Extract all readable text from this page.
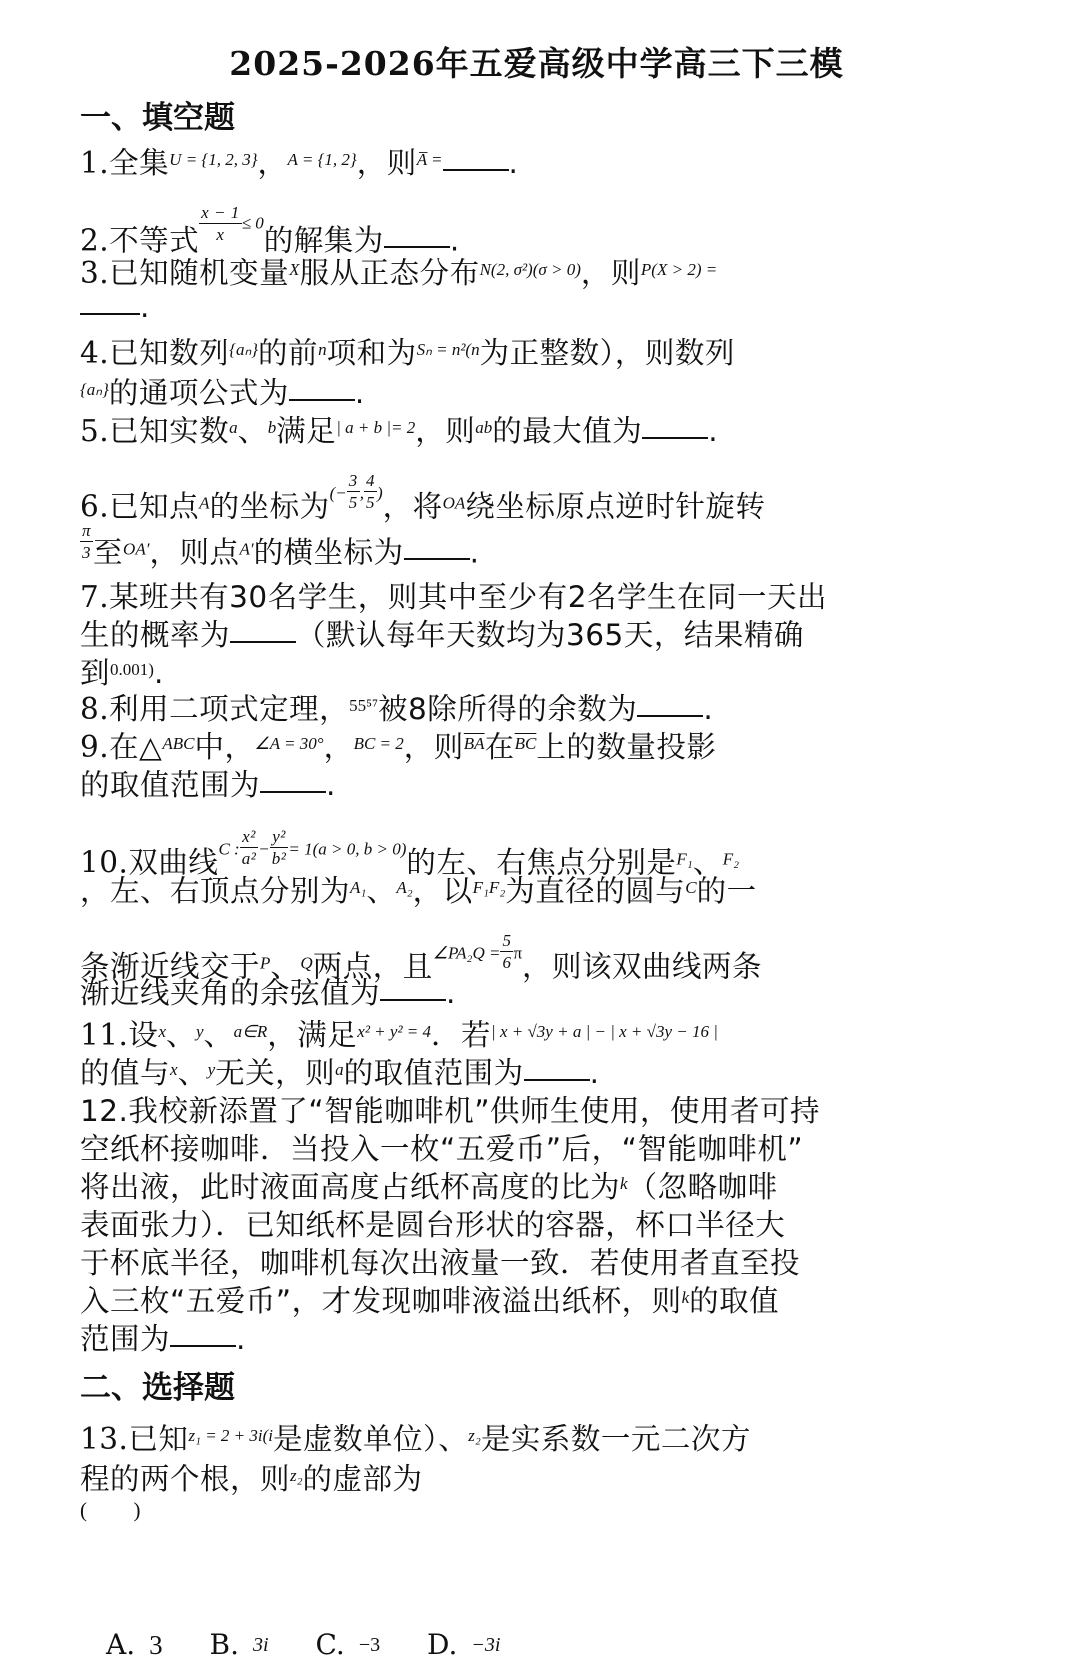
2025-2026年五爱高级中学高三下三模
一、填空题
1.全集$^{U = \{1, 2, 3\}}$，$^{A = \{1, 2\}}$，则$^{A̅ =}$ .
2.不等式 $\frac{x - 1}{x} ^{\le 0}$的解集为 .
3.已知随机变量$^X$服从正态分布$^{N(2, \sigma^2)(\sigma > 0)}$，则$^{P(X > 2) =}$
.
4.已知数列$^{\{a_n\}}$的前$^n$项和为$^{S_n = n^2(n}$为正整数），则数列
$^{\{a_n\}}$的通项公式为 .
5.已知实数$^a$、$^b$满足$^{| a + b |= 2}$，则$^{ab}$的最大值为 .
6.已知点$^A$的坐标为$^{(-} \frac{3}{5} ^, \frac{4}{5} ^)$，将$^{OA}$绕坐标原点逆时针旋转
$\frac{\pi}{3}$ 至$^{OA'}$，则点$^{A'}$的横坐标为 .
7.某班共有30名学生，则其中至少有2名学生在同一天出
生的概率为 （默认每年天数均为365天，结果精确
到$^{0.001)}$.
8.利用二项式定理，$^{55^{57}}$被8除所得的余数为 .
9.在△$^{ABC}$中，$^{\angle A = 30^\circ}$，$^{BC = 2}$，则$^{\overline{BA}}$在$^{\overline{BC}}$上的数量投影
的取值范围为 .
10.双曲线$^{C :} \frac{\text{x²}}{\text{a²}} ^- \frac{\text{y²}}{\text{b²}} ^{= 1(a > 0, b > 0)}$的左、右焦点分别是$^{F_1}$、$^{F_2}$
，左、右顶点分别为$^{A_1}$、$^{A_2}$，以$^{F_1F_2}$为直径的圆与$^C$的一
条渐近线交于$^P$、$^Q$两点，且$^{\angle PA_2Q =} \frac{5}{6} ^\pi$，则该双曲线两条
渐近线夹角的余弦值为 .
11.设$^x$、$^y$、$^{a\in R}$，满足$^{x^2 + y^2 = 4}$．若$^{| x + √3y + a | - | x + √3y - 16 |}$
的值与$^x$、$^y$无关，则$^a$的取值范围为 .
12.我校新添置了“智能咖啡机”供师生使用，使用者可持
空纸杯接咖啡．当投入一枚“五爱币”后，“智能咖啡机”
将出液，此时液面高度占纸杯高度的比为$^k$（忽略咖啡
表面张力）．已知纸杯是圆台形状的容器，杯口半径大
于杯底半径，咖啡机每次出液量一致．若使用者直至投
入三枚“五爱币”，才发现咖啡液溢出纸杯，则$^k$的取值
范围为 .
二、选择题
13.已知$^{z_1 = 2 + 3i(i}$是虚数单位）、$^{z_2}$是实系数一元二次方
程的两个根，则$^{z_2}$的虚部为
(        )
A. 3 B. 3i C. −3 D. −3i
